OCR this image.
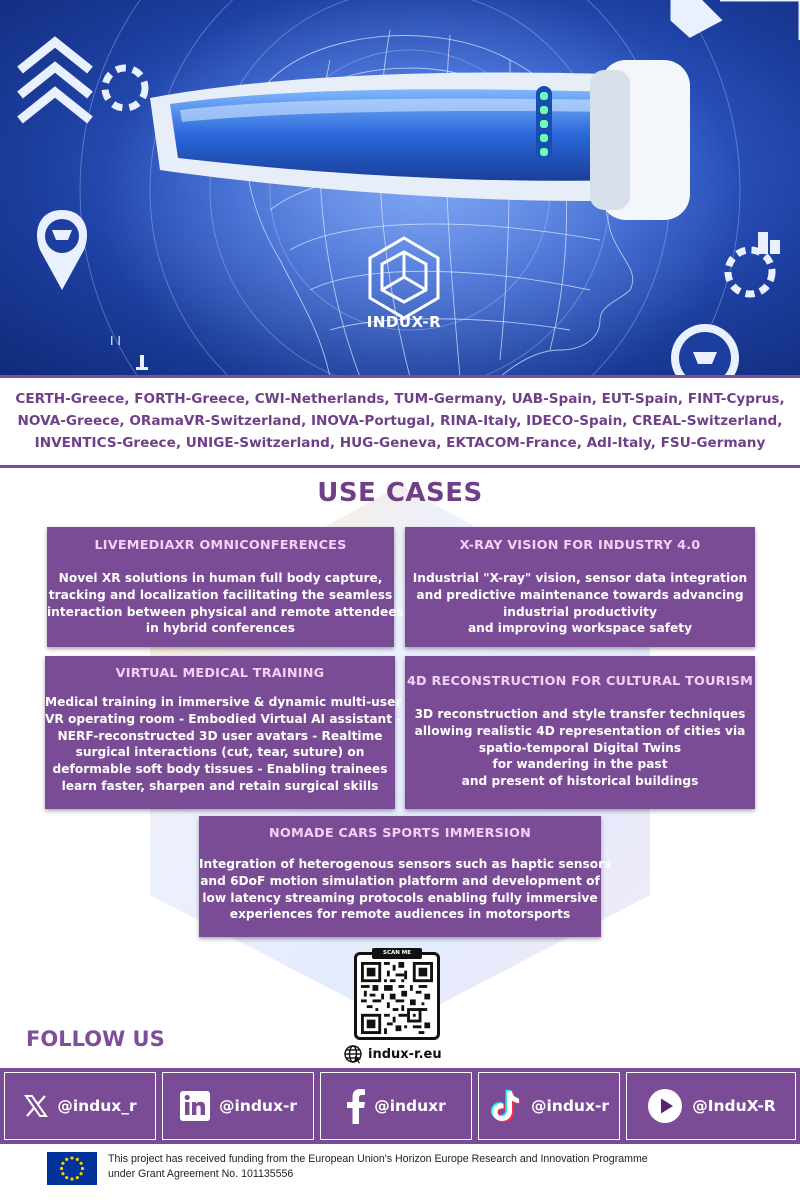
I I
INDUX-R
CERTH-Greece, FORTH-Greece, CWI-Netherlands, TUM-Germany, UAB-Spain, EUT-Spain, FINT-Cyprus,
NOVA-Greece, ORamaVR-Switzerland, INOVA-Portugal, RINA-Italy, IDECO-Spain, CREAL-Switzerland,
INVENTICS-Greece, UNIGE-Switzerland, HUG-Geneva, EKTACOM-France, AdI-Italy, FSU-Germany
USE CASES
LIVEMEDIAXR OMNICONFERENCES
Novel XR solutions in human full body capture,
tracking and localization facilitating the seamless
interaction between physical and remote attendees
in hybrid conferences
X-RAY VISION FOR INDUSTRY 4.0
Industrial "X-ray" vision, sensor data integration
and predictive maintenance towards advancing
industrial productivity
and improving workspace safety
VIRTUAL MEDICAL TRAINING
Medical training in immersive & dynamic multi-user
VR operating room - Embodied Virtual AI assistant -
NERF-reconstructed 3D user avatars - Realtime
surgical interactions (cut, tear, suture) on
deformable soft body tissues - Enabling trainees
learn faster, sharpen and retain surgical skills
4D RECONSTRUCTION FOR CULTURAL TOURISM
3D reconstruction and style transfer techniques
allowing realistic 4D representation of cities via
spatio-temporal Digital Twins
for wandering in the past
and present of historical buildings
NOMADE CARS SPORTS IMMERSION
Integration of heterogenous sensors such as haptic sensors
and 6DoF motion simulation platform and development of
low latency streaming protocols enabling fully immersive
experiences for remote audiences in motorsports
SCAN ME
indux-r.eu
FOLLOW US
@indux_r	@indux-r	@induxr	@indux-r	@InduX-R
This project has received funding from the European Union's Horizon Europe Research and Innovation Programme
under Grant Agreement No. 101135556
